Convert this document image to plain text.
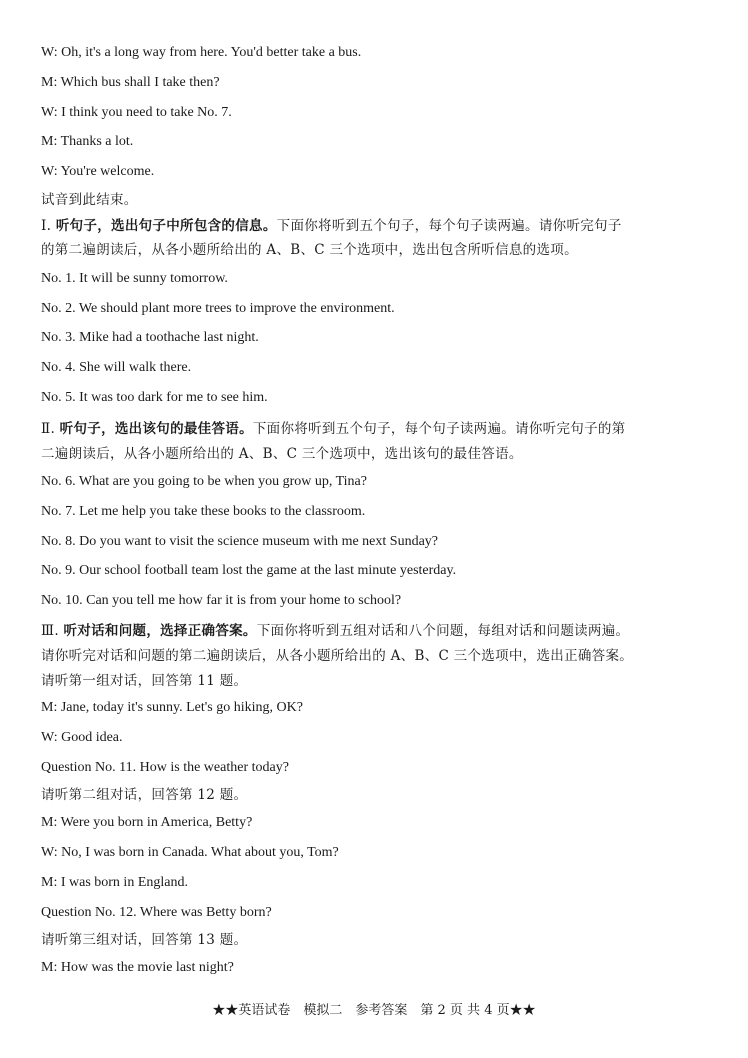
W: Oh, it's a long way from here. You'd better take a bus.
M: Which bus shall I take then?
W: I think you need to take No. 7.
M: Thanks a lot.
W: You're welcome.
试音到此结束。
Ⅰ. 听句子，选出句子中所包含的信息。下面你将听到五个句子，每个句子读两遍。请你听完句子
的第二遍朗读后，从各小题所给出的 A、B、C 三个选项中，选出包含所听信息的选项。
No. 1. It will be sunny tomorrow.
No. 2. We should plant more trees to improve the environment.
No. 3. Mike had a toothache last night.
No. 4. She will walk there.
No. 5. It was too dark for me to see him.
Ⅱ. 听句子，选出该句的最佳答语。下面你将听到五个句子，每个句子读两遍。请你听完句子的第
二遍朗读后，从各小题所给出的 A、B、C 三个选项中，选出该句的最佳答语。
No. 6. What are you going to be when you grow up, Tina?
No. 7. Let me help you take these books to the classroom.
No. 8. Do you want to visit the science museum with me next Sunday?
No. 9. Our school football team lost the game at the last minute yesterday.
No. 10. Can you tell me how far it is from your home to school?
Ⅲ. 听对话和问题，选择正确答案。下面你将听到五组对话和八个问题，每组对话和问题读两遍。
请你听完对话和问题的第二遍朗读后，从各小题所给出的 A、B、C 三个选项中，选出正确答案。
请听第一组对话，回答第 11 题。
M: Jane, today it's sunny. Let's go hiking, OK?
W: Good idea.
Question No. 11. How is the weather today?
请听第二组对话，回答第 12 题。
M: Were you born in America, Betty?
W: No, I was born in Canada. What about you, Tom?
M: I was born in England.
Question No. 12. Where was Betty born?
请听第三组对话，回答第 13 题。
M: How was the movie last night?
★★英语试卷　模拟二　参考答案　第 2 页 共 4 页★★
